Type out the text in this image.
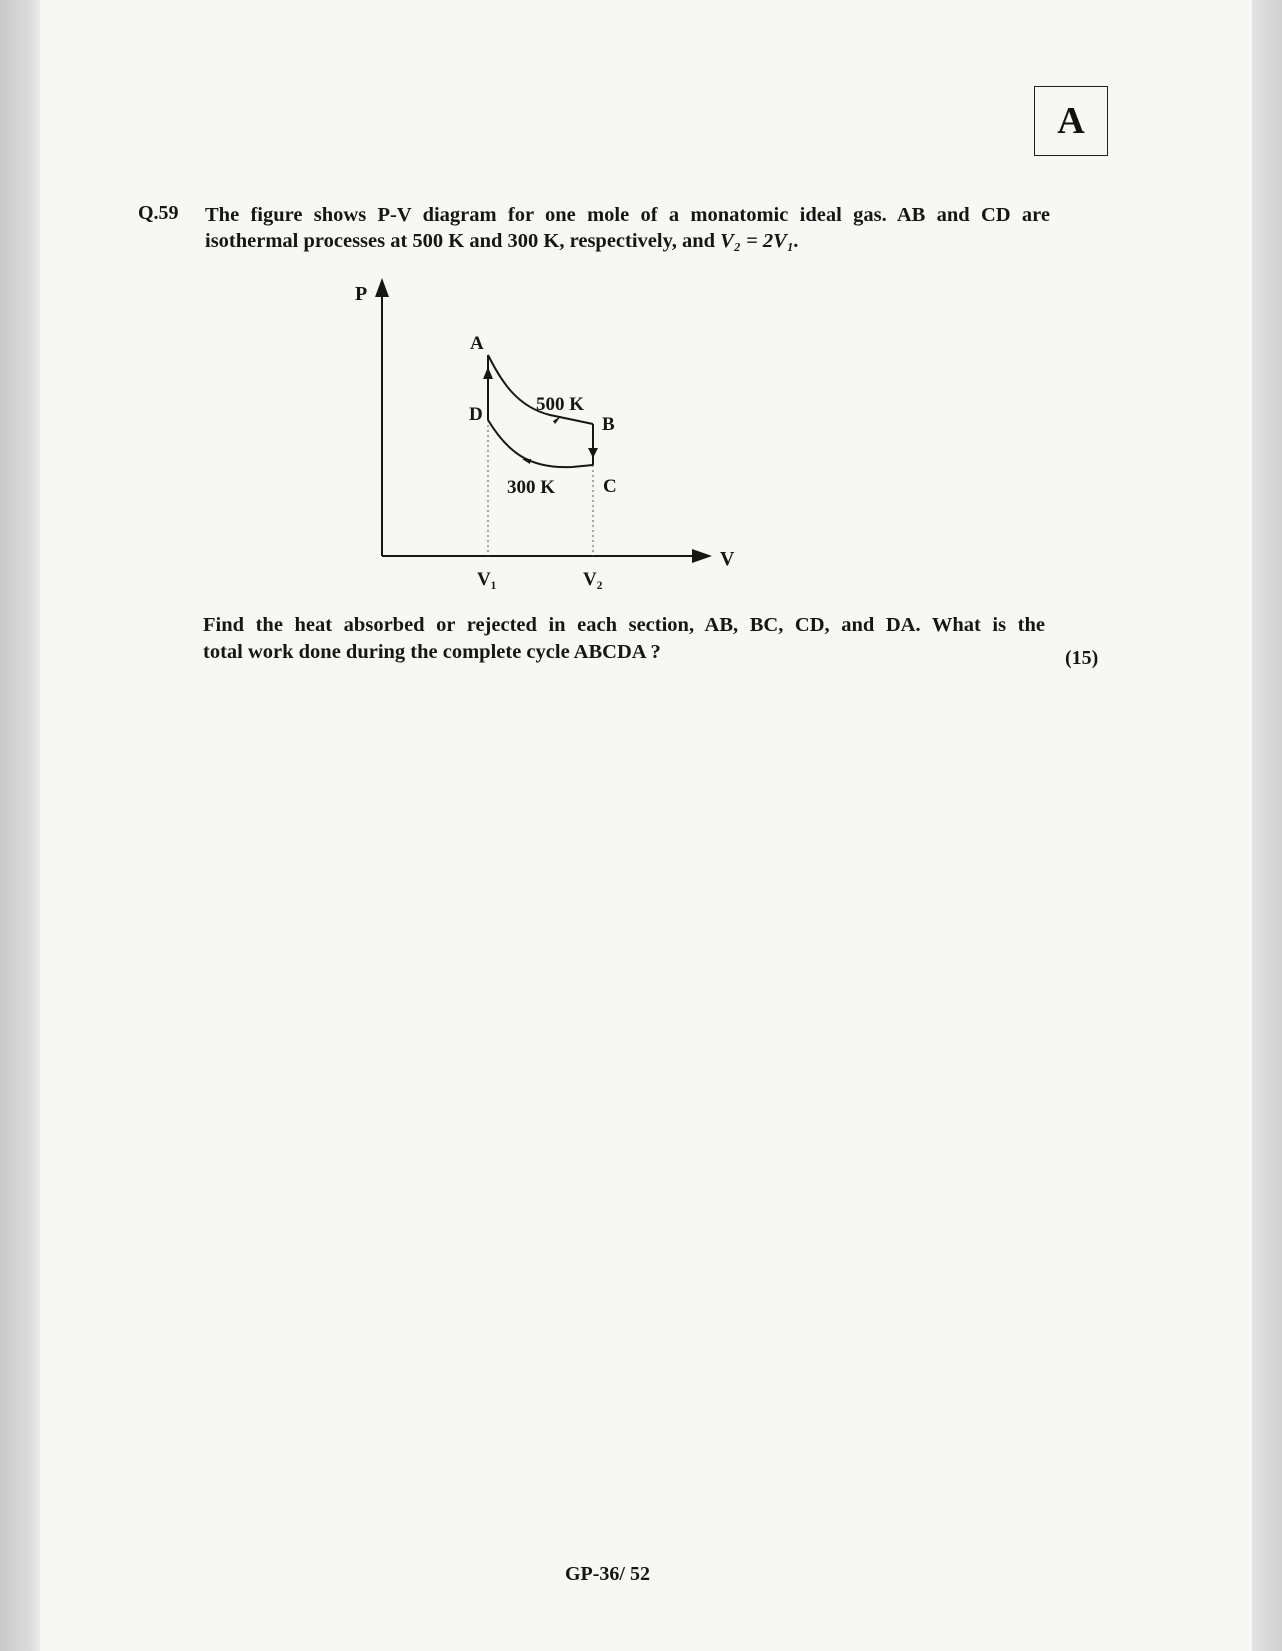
A
Q.59 The figure shows P-V diagram for one mole of a monatomic ideal gas. AB and CD are
isothermal processes at 500 K and 300 K, respectively, and V₂ = 2V₁.
P
V
A
D	B
C
500 K
300 K
V₁	V₂
Find the heat absorbed or rejected in each section, AB, BC, CD, and DA. What is the
total work done during the complete cycle ABCDA ?	(15)
GP-36/ 52
